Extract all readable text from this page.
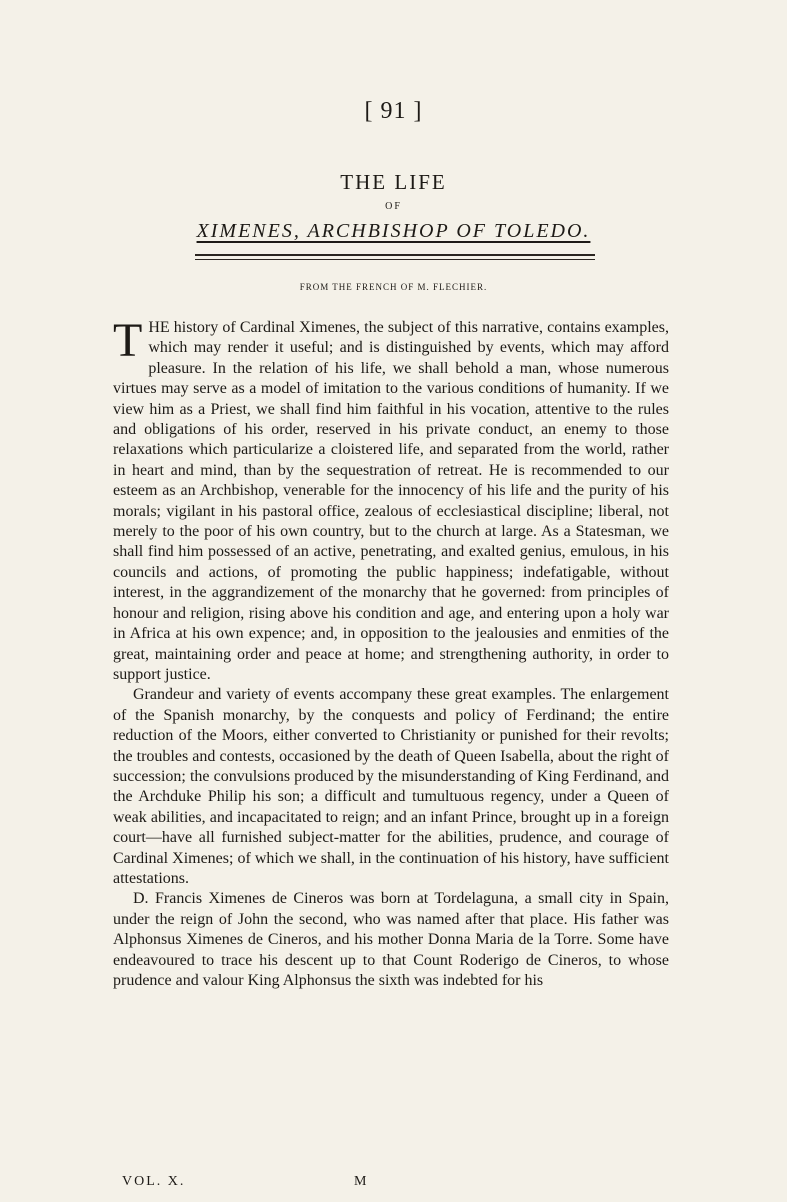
[ 91 ]
THE LIFE
OF
XIMENES, ARCHBISHOP OF TOLEDO.
FROM THE FRENCH OF M. FLECHIER.

THE history of Cardinal Ximenes, the subject of this narrative, contains examples, which may render it useful; and is distinguished by events, which may afford pleasure. In the relation of his life, we shall behold a man, whose numerous virtues may serve as a model of imitation to the various conditions of humanity. If we view him as a Priest, we shall find him faithful in his vocation, attentive to the rules and obligations of his order, reserved in his private conduct, an enemy to those relaxations which particularize a cloistered life, and separated from the world, rather in heart and mind, than by the sequestration of retreat. He is recommended to our esteem as an Archbishop, venerable for the innocency of his life and the purity of his morals; vigilant in his pastoral office, zealous of ecclesiastical discipline; liberal, not merely to the poor of his own country, but to the church at large. As a Statesman, we shall find him possessed of an active, penetrating, and exalted genius, emulous, in his councils and actions, of promoting the public happiness; indefatigable, without interest, in the aggrandizement of the monarchy that he governed: from principles of honour and religion, rising above his condition and age, and entering upon a holy war in Africa at his own expence; and, in opposition to the jealousies and enmities of the great, maintaining order and peace at home; and strengthening authority, in order to support justice.

Grandeur and variety of events accompany these great examples. The enlargement of the Spanish monarchy, by the conquests and policy of Ferdinand; the entire reduction of the Moors, either converted to Christianity or punished for their revolts; the troubles and contests, occasioned by the death of Queen Isabella, about the right of succession; the convulsions produced by the misunderstanding of King Ferdinand, and the Archduke Philip his son; a difficult and tumultuous regency, under a Queen of weak abilities, and incapacitated to reign; and an infant Prince, brought up in a foreign court—have all furnished subject-matter for the abilities, prudence, and courage of Cardinal Ximenes; of which we shall, in the continuation of his history, have sufficient attestations.

D. Francis Ximenes de Cineros was born at Tordelaguna, a small city in Spain, under the reign of John the second, who was named after that place. His father was Alphonsus Ximenes de Cineros, and his mother Donna Maria de la Torre. Some have endeavoured to trace his descent up to that Count Roderigo de Cineros, to whose prudence and valour King Alphonsus the sixth was indebted for his

VOL. X.	M
